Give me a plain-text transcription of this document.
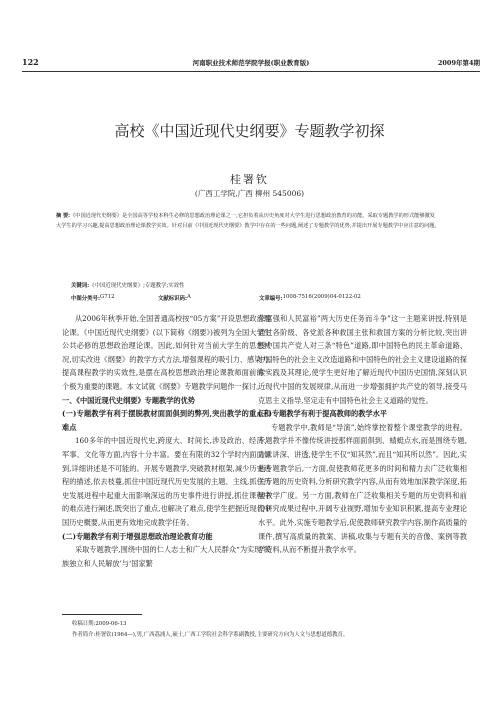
122	河南职业技术师范学院学报(职业教育版)	2009年第4期
高校《中国近现代史纲要》专题教学初探
桂署钦
(广西工学院,广西 柳州 545006)
摘 要:《中国近现代史纲要》是全国高等学校本科生必修的思想政治理论课之一,它担负着从历史角度对大学生进行思想政治教育的功能。采取专题教学的形式能够激发大学生的学习兴趣,提高思想政治理论课教学实效。针对目前《中国近现代史纲要》教学中存在的一些问题,阐述了专题教学的优势,并提出开展专题教学中应注意的问题。
关键词:《中国近现代史纲要》;专题教学;实效性
中图分类号: G712	文献标识码: A	文章编号: 1008-7516(2009)04-0122-02

从2006年秋季开始,全国普通高校按“05方案”开设思想政治理论课。《中国近现代史纲要》(以下简称《纲要》)被列为全国大学生公共必修的思想政治理论课。因此,如何针对当前大学生的思想状况,切实改进《纲要》的教学方式方法,增强课程的吸引力、感染力,提高课程教学的实效性,是摆在高校思想政治理论课教师面前的一个极为重要的课题。本文试就《纲要》专题教学问题作一探讨。

一、《中国近现代史纲要》专题教学的优势

(一)专题教学有利于摆脱教材面面俱到的弊列,突出教学的重点和难点

160多年的中国近现代史,跨度大、时间长,涉及政治、经济、军事、文化等方面,内容十分丰富。要在有限的32个学时内面面俱到,详细讲述是不可能的。开展专题教学,突破教材框架,减少历史进程的描述,依去枝蔓,抓住中国近现代历史发展的主题、主线,抓住历史发展进程中起重大而影响深远的历史事件进行讲授,抓住课程中的难点进行阐述,既突出了重点,也解决了难点,使学生把握近现代中国历史概要,从而更有效地完成教学任务。

(二)专题教学有利于增强思想政治理论教育功能

采取专题教学,围绕中国的仁人志士和广大人民群众“为实现‘民族独立和人民解放’与‘国家繁

荣富强和人民富裕”两大历史任务而斗争”这一主题来讲授,特别是通过各阶级、各党派各种救国主张和救国方案的分析比较,突出讲授中国共产党人对三条“特色”道路,即中国特色的民主革命道路、中国特色的社会主义改造道路和中国特色的社会主义建设道路的探索实践及其理论,使学生更好地了解近现代中国历史国情,深刻认识近现代中国的发展规律,从而进一步增强拥护共产党的领导,接受马克思主义指导,坚定走有中国特色社会主义道路的觉性。

(三)专题教学有利于提高教师的教学水平

专题教学中,教师是“导演”,始终掌控着整个课堂教学的进程。专题教学并不像传统讲授那样面面俱到、蜻蜓点水,而是围绕专题,力求讲深、讲透,使学生不仅“知其然”,而且“知其所以然”。因此,实施专题教学后,一方面,促使教师花更多的时间和精力去广泛收集相关专题的历史资料,分析研究教学内容,从而有效地加深教学深度,拓展教学广度。另一方面,教师在广泛收集相关专题的历史资料和前沿研究成果过程中,开阔专业视野,增加专业知识积累,提高专业理论水平。此外,实施专题教学后,促使教师研究教学内容,制作高质量的课件,撰写高质量的教案、讲稿,收集与专题有关的音像、案例等教学资料,从而不断提升教学水平。

收稿日期:2009-06-13
作者简介:桂署钦(1964—),男,广西荔浦人,硕士,广西工学院社会科学系副教授,主要研究方向为人文与思想道德教育。
